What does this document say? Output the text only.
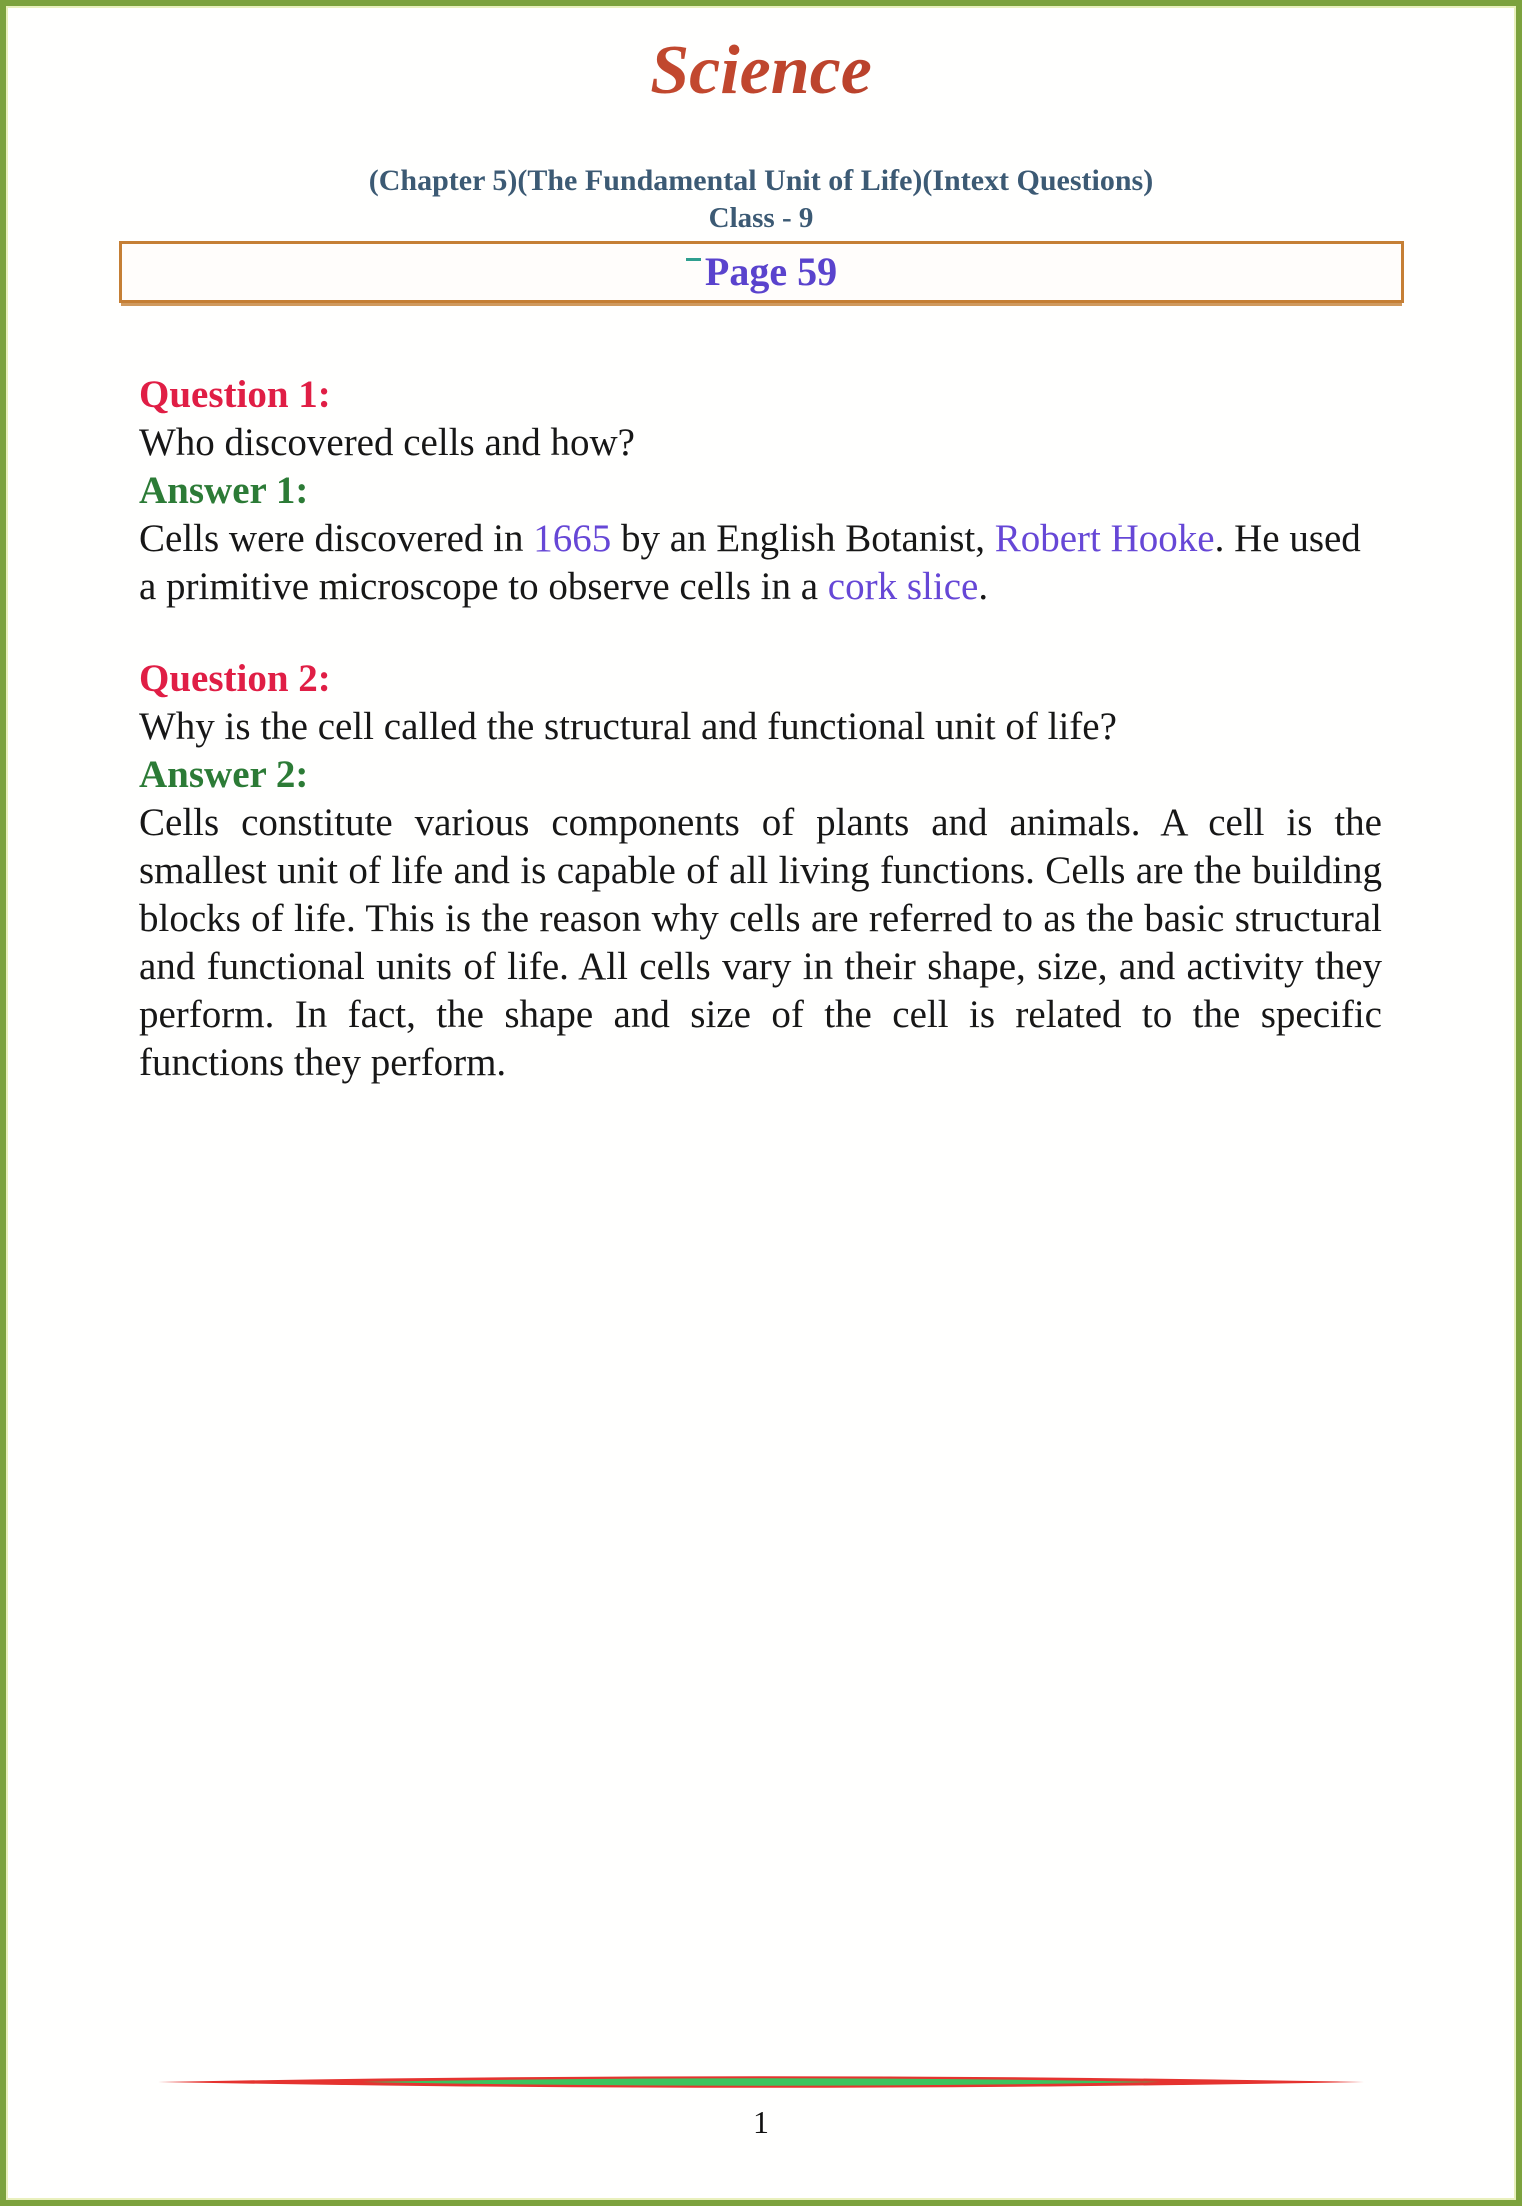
Science
(Chapter 5)(The Fundamental Unit of Life)(Intext Questions)
Class - 9
Page 59
Question 1:

Who discovered cells and how?

Answer 1:

Cells were discovered in 1665 by an English Botanist, Robert Hooke. He used a primitive microscope to observe cells in a cork slice.

Question 2:

Why is the cell called the structural and functional unit of life?

Answer 2:

Cells constitute various components of plants and animals. A cell is the smallest unit of life and is capable of all living functions. Cells are the building blocks of life. This is the reason why cells are referred to as the basic structural and functional units of life. All cells vary in their shape, size, and activity they perform. In fact, the shape and size of the cell is related to the specific functions they perform.

1
